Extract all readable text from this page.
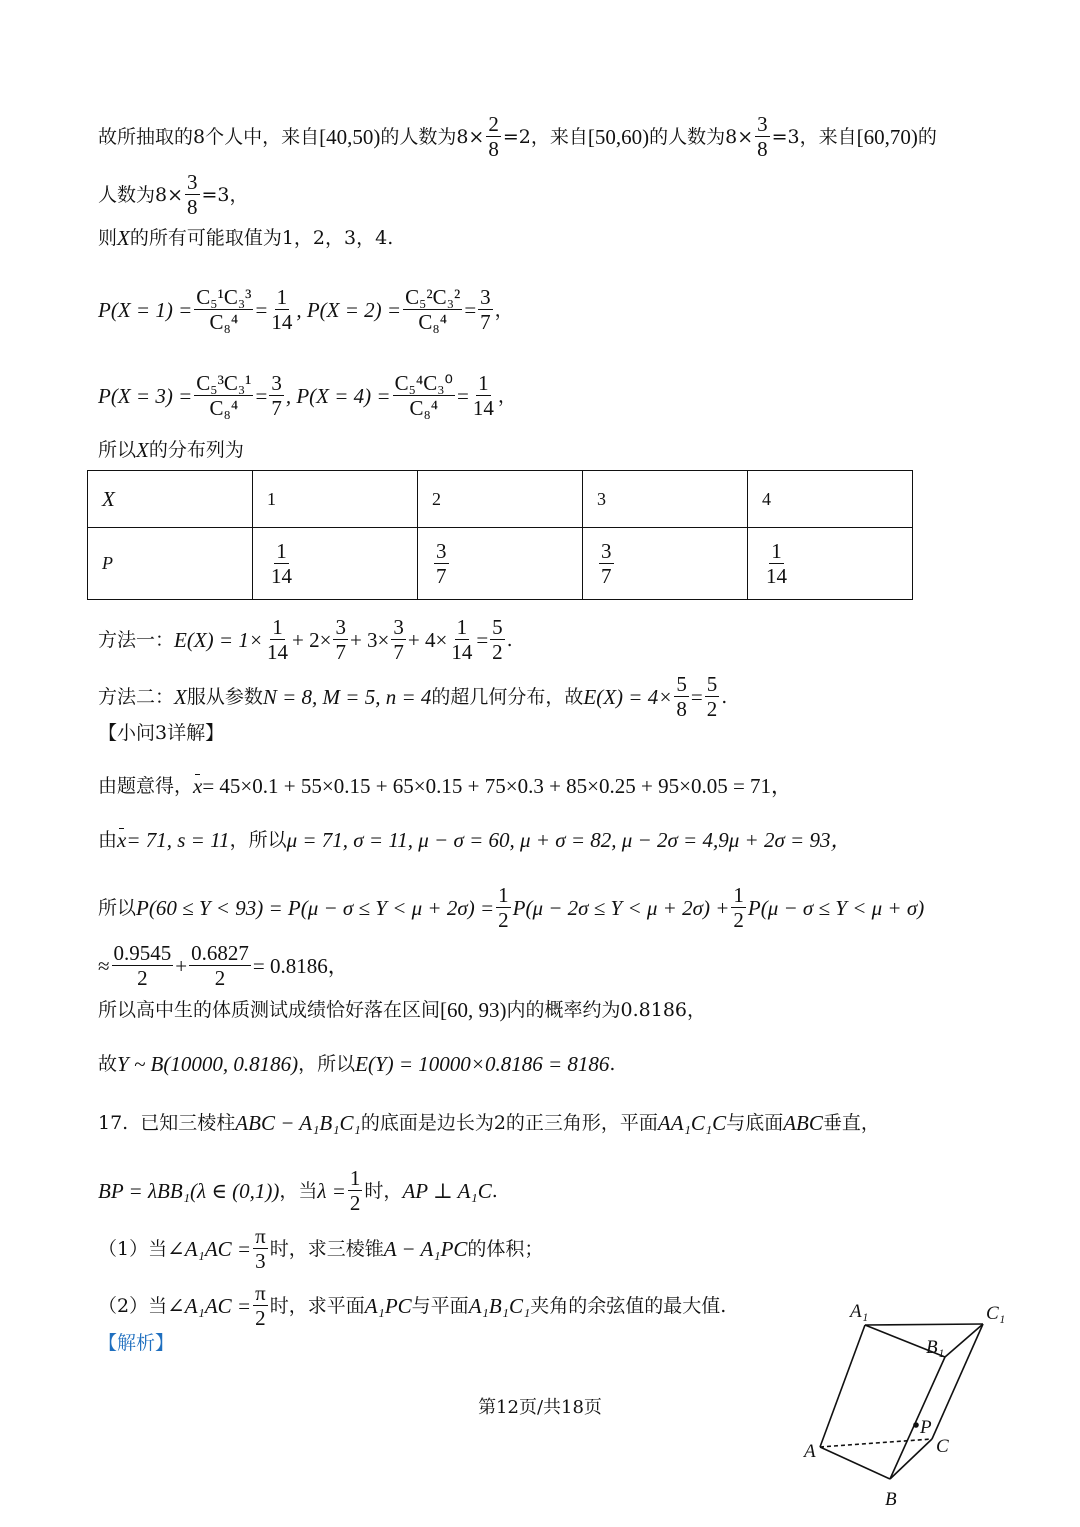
故所抽取的8个人中，来自 [40,50) 的人数为$8\times \frac{2}{8} =2$，来自 [50,60) 的人数为$8\times \frac{3}{8} =3$，来自 [60,70) 的
人数为$8\times \frac{3}{8} =3$，
则 X 的所有可能取值为1，2，3，4.
$P(X = 1) = \frac{\text{C₅¹C₃³}}{\text{C₈⁴}} = \frac{1}{14}$ , $P(X = 2) = \frac{\text{C₅²C₃²}}{\text{C₈⁴}} = \frac{3}{7}$ ，
$P(X = 3) = \frac{\text{C₅³C₃¹}}{\text{C₈⁴}} = \frac{3}{7}$ , $P(X = 4) = \frac{\text{C₅⁴C₃⁰}}{\text{C₈⁴}} = \frac{1}{14}$ ，
所以 X 的分布列为
X	1	2	3	4
P	$\frac{1}{14}$	$\frac{3}{7}$	$\frac{3}{7}$	$\frac{1}{14}$
方法一： $E(X) = 1\times \frac{1}{14} + 2\times \frac{3}{7} + 3\times \frac{3}{7} + 4\times \frac{1}{14} = \frac{5}{2}$ .
方法二： X 服从参数 N = 8, M = 5, n = 4 的超几何分布，故 $E(X) = 4\times \frac{5}{8} = \frac{5}{2}$ .
【小问3详解】
由题意得， x = 45×0.1 + 55×0.15 + 65×0.15 + 75×0.3 + 85×0.25 + 95×0.05 = 71，
由 x = 71, s = 11 ，所以 μ = 71, σ = 11, μ − σ = 60, μ + σ = 82, μ − 2σ = 4,9μ + 2σ = 93，
所以 $P(60 \le Y < 93) = P(\mu - \sigma \le Y < \mu + 2\sigma) = \frac{1}{2} P(\mu - 2\sigma \le Y < \mu + 2\sigma) + \frac{1}{2} P(\mu - \sigma \le Y < \mu + \sigma)$
≈ $\frac{0.9545}{2} + \frac{0.6827}{2} = 0.8186$，
所以高中生的体质测试成绩恰好落在区间 [60, 93) 内的概率约为0.8186，
故 Y ~ B(10000, 0.8186) ，所以 E(Y) = 10000×0.8186 = 8186 .
17.  已知三棱柱 ABC − A₁B₁C₁ 的底面是边长为2的正三角形，平面 AA₁C₁C 与底面 ABC 垂直，
BP = λBB₁(λ ∈ (0,1)) ，当 $\lambda = \frac{1}{2}$ 时， AP ⊥ A₁C .
（1）当 ∠A₁AC = $\frac{\pi}{3}$ 时，求三棱锥 A − A₁PC 的体积；
（2）当 ∠A₁AC = $\frac{\pi}{2}$ 时，求平面 A₁PC 与平面 A₁B₁C₁ 夹角的余弦值的最大值.
【解析】
第12页/共18页
A₁	C₁
B₁
P
A	C
B
